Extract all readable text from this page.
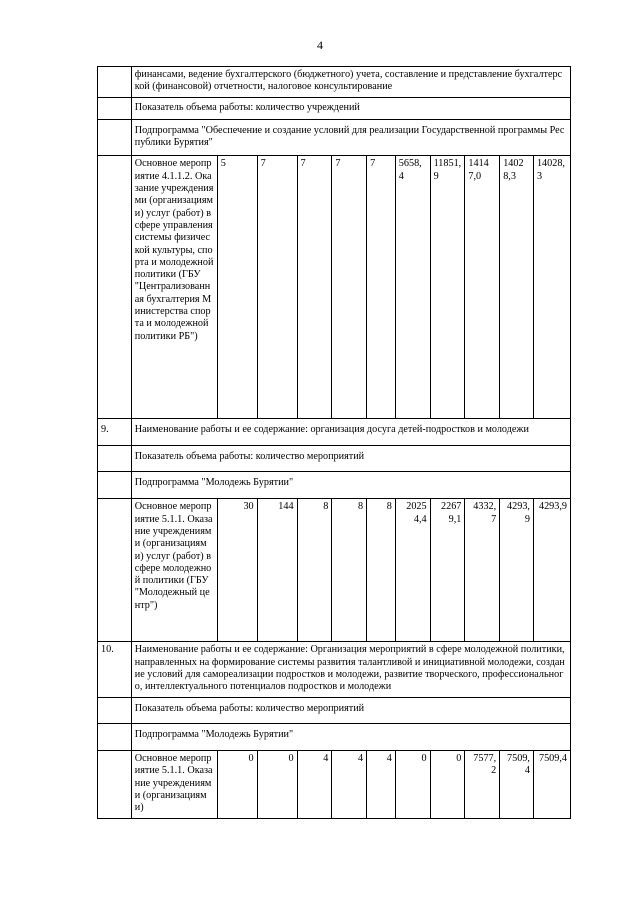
4
	финансами, ведение бухгалтерского (бюджетного) учета, составление и представление бухгалтерской (финансовой) отчетности, налоговое консультирование										
	Показатель объема работы: количество учреждений										
	Подпрограмма "Обеспечение и создание условий для реализации Государственной программы Республики Бурятия"										
	Основное мероприятие 4.1.1.2. Оказание учреждениями (организациями) услуг (работ) в сфере управления системы физической культуры, спорта и молодежной политики (ГБУ "Централизованная бухгалтерия Министерства спорта и молодежной политики РБ")	5	7	7	7	7	5658,4	11851,9	14147,0	14028,3	14028,3
9.	Наименование работы и ее содержание: организация досуга детей-подростков и молодежи										
	Показатель объема работы: количество мероприятий										
	Подпрограмма "Молодежь Бурятии"										
	Основное мероприятие 5.1.1. Оказание учреждениями (организациями) услуг (работ) в сфере молодежной политики (ГБУ "Молодежный центр")	30	144	8	8	8	20254,4	22679,1	4332,7	4293,9	4293,9
10.	Наименование работы и ее содержание: Организация мероприятий в сфере молодежной политики, направленных на формирование системы развития талантливой и инициативной молодежи, создание условий для самореализации подростков и молодежи, развитие творческого, профессионального, интеллектуального потенциалов подростков и молодежи										
	Показатель объема работы: количество мероприятий										
	Подпрограмма "Молодежь Бурятии"										
	Основное мероприятие 5.1.1. Оказание учреждениями (организациями)	0	0	4	4	4	0	0	7577,2	7509,4	7509,4
